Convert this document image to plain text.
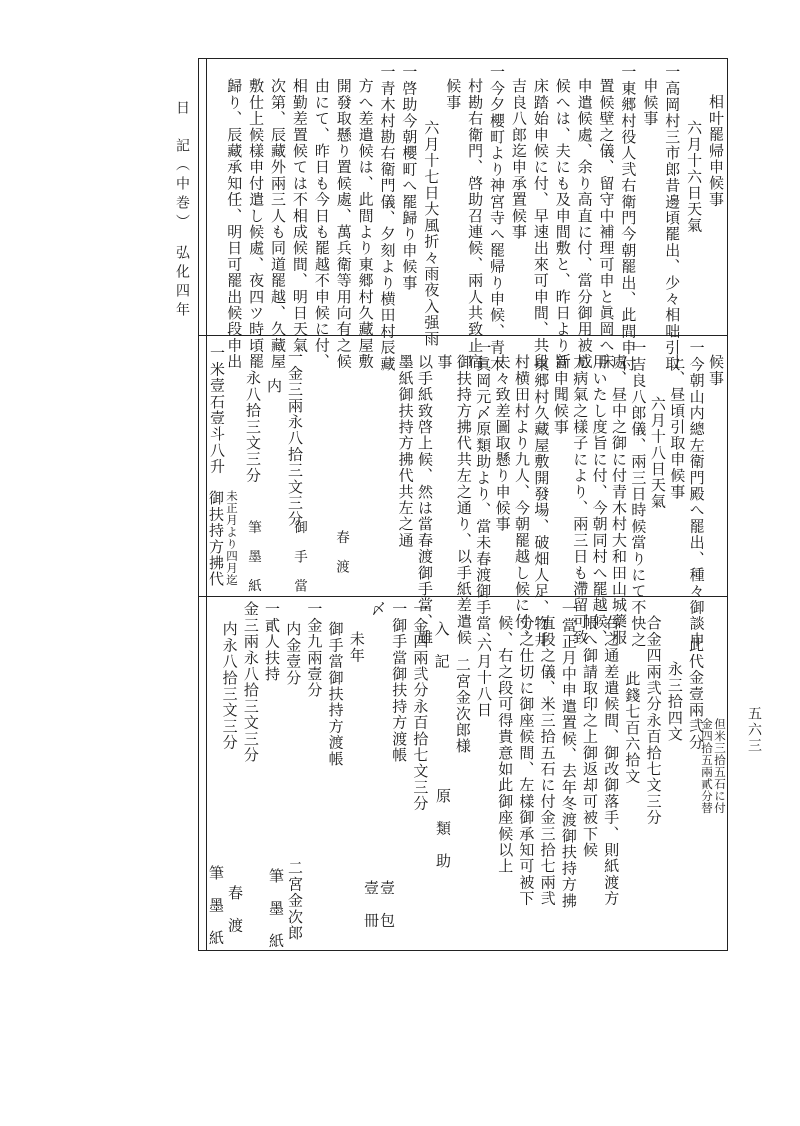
日　記（中巻）　弘化四年
五六三
相叶罷帰申候事
六月十六日天氣
一高岡村三市郎昔邊頃罷出、少々相咄引取
申候事
一東郷村役人弐右衛門今朝罷出、此間申付
置候壁之儀、留守中補理可申と眞岡へ床
申遣候處、余り高直に付、當分御用被成
候へは、夫にも及申間敷と、昨日より新
床踏始申候に付、早速出來可申間、共段
吉良八郎迄申承置候事
一今夕櫻町より神宮寺へ罷帰り申候、青木
村勘右衛門、啓助召連候、兩人共致止宿
候事
六月十七日大風折々雨夜入强雨
一啓助今朝櫻町へ罷歸り申候事
一青木村勘右衛門儀、夕刻より横田村辰藏
方へ差遣候は、此間より東郷村久藏屋敷
開發取懸り置候處、萬兵衛等用向有之候
由にて、昨日も今日も罷越不申候に付、
相勤差置候ては不相成候間、明日天氣
次第、辰藏外兩三人も同道罷越、久藏屋
敷仕上候樣申付遣し候處、夜四ツ時頃罷
歸り、辰藏承知任、明日可罷出候段申出
候事
一今朝山内總左衛門殿へ罷出、種々御談申
上、昼頃引取申候事
六月十八日天氣
一吉良八郎儀、兩三日時候當りにて不快之
處、昼中之御に付青木村大和田山城藥服
用いたし度旨に付、今朝同村へ罷越候、
尤病氣之樣子により、兩三日も滯留可致
旨申聞候事
一東郷村久藏屋敷開發場、破畑人足、物井
村横田村より九人、今朝罷越し候に付、
夫々致差圖取懸り申候事
一眞岡元〆原類助より、當未春渡御手當、
御扶持方拂代共左之通り、以手紙差遣候
事
以手紙致啓上候、然は當春渡御手當、雖
墨紙御扶持方拂代共左之通
此代金壹兩弐分
永三拾四文
合金四兩弐分永百拾七文三分
此錢七百六拾文
右之通差遣候間、御改御落手、則紙渡方
帳へ御請取印之上御返却可被下候
一當正月中申遣置候、去年冬渡御扶持方拂
直段之儀、米三拾五石に付金三拾七兩弐
分之仕切に御座候間、左樣御承知可被下
候、右之段可得貴意如此御座候以上
六月十八日
二宮金次郎様
入　記
一金四兩弐分永百拾七文三分
一御手當御扶持方渡帳
〆
未年
御手當御扶持方渡帳
一金九兩壹分
内金壹分
一貳人扶持
金三兩永八拾三文三分
内永八拾三文三分
一金三兩永八拾三文三分
内
永八拾三文三分
春　渡
御　手　當
筆　墨　紙
一米壹石壹斗八升
未正月より四月迄
御扶持方拂代
但米三拾五石に付
金四拾五兩貳分替
原　類　助
壹　包
壹　冊
二宮金次郎
筆　墨　紙
春　渡
筆　墨　紙
